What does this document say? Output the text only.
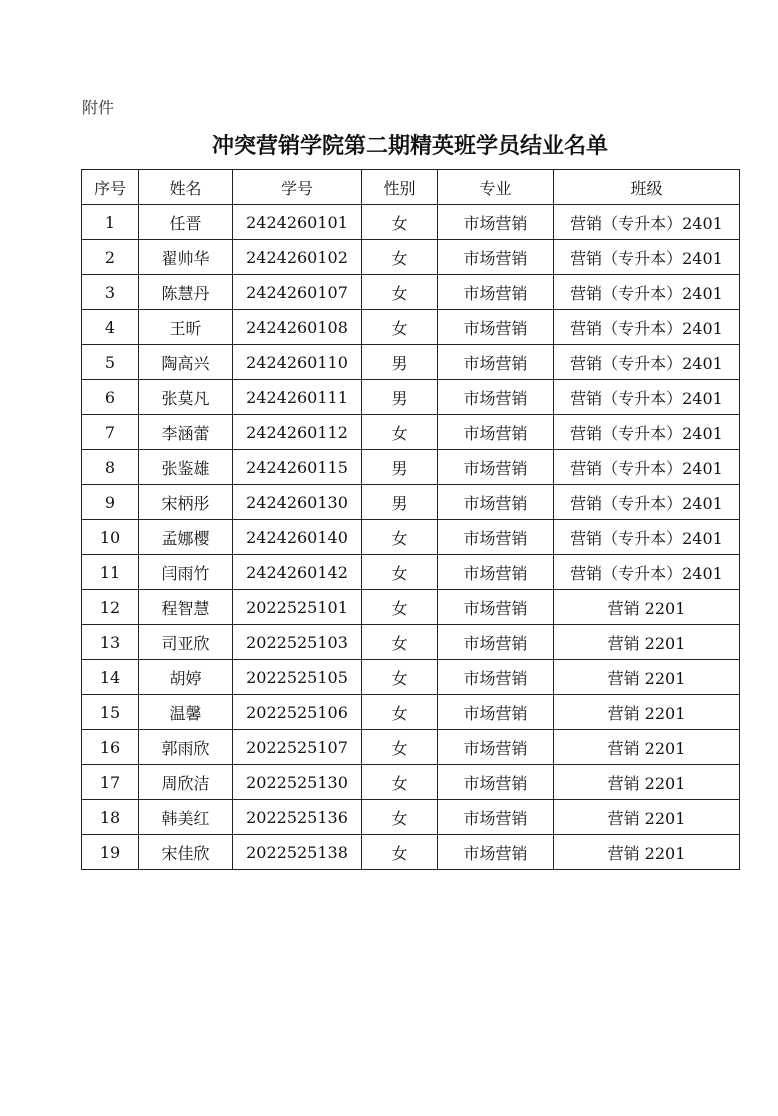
附件
冲突营销学院第二期精英班学员结业名单
序号	姓名	学号	性别	专业	班级
1	任晋	2424260101	女	市场营销	营销（专升本）2401
2	翟帅华	2424260102	女	市场营销	营销（专升本）2401
3	陈慧丹	2424260107	女	市场营销	营销（专升本）2401
4	王昕	2424260108	女	市场营销	营销（专升本）2401
5	陶高兴	2424260110	男	市场营销	营销（专升本）2401
6	张莫凡	2424260111	男	市场营销	营销（专升本）2401
7	李涵蕾	2424260112	女	市场营销	营销（专升本）2401
8	张鉴雄	2424260115	男	市场营销	营销（专升本）2401
9	宋柄彤	2424260130	男	市场营销	营销（专升本）2401
10	孟娜樱	2424260140	女	市场营销	营销（专升本）2401
11	闫雨竹	2424260142	女	市场营销	营销（专升本）2401
12	程智慧	2022525101	女	市场营销	营销 2201
13	司亚欣	2022525103	女	市场营销	营销 2201
14	胡婷	2022525105	女	市场营销	营销 2201
15	温馨	2022525106	女	市场营销	营销 2201
16	郭雨欣	2022525107	女	市场营销	营销 2201
17	周欣洁	2022525130	女	市场营销	营销 2201
18	韩美红	2022525136	女	市场营销	营销 2201
19	宋佳欣	2022525138	女	市场营销	营销 2201
